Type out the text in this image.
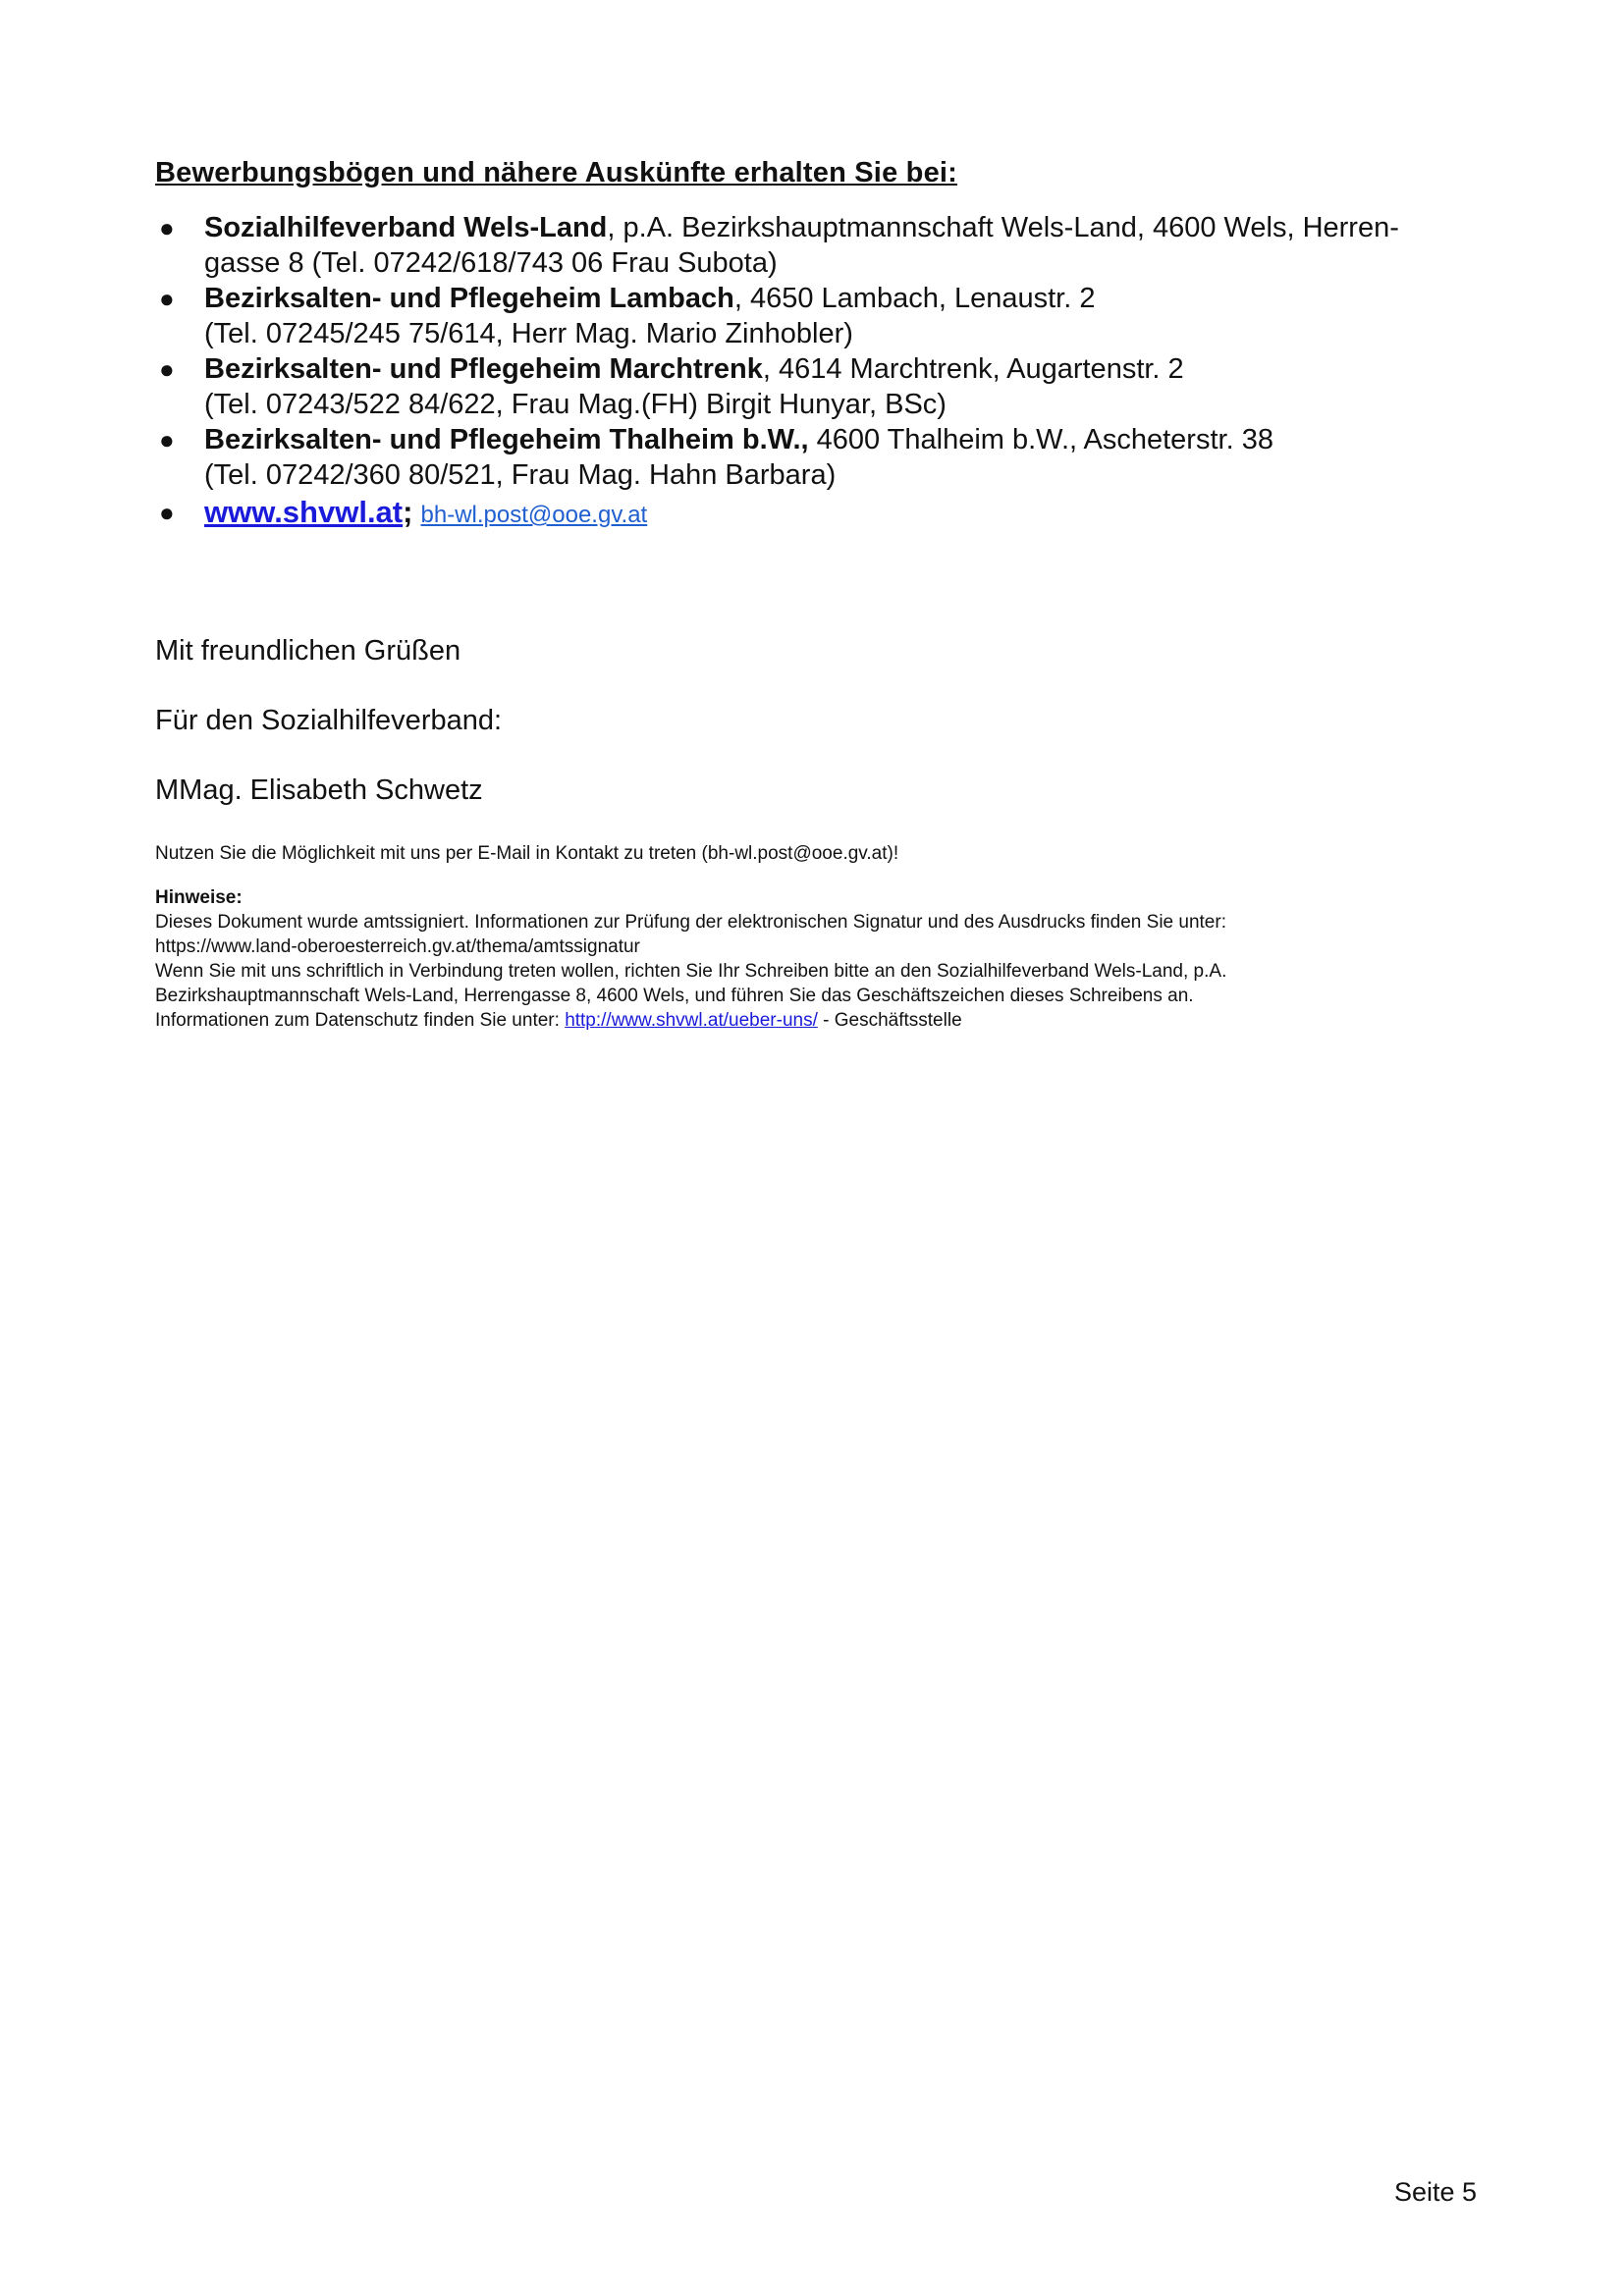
Bewerbungsbögen und nähere Auskünfte erhalten Sie bei:
● Sozialhilfeverband Wels-Land, p.A. Bezirkshauptmannschaft Wels-Land, 4600 Wels, Herren-
gasse 8 (Tel. 07242/618/743 06 Frau Subota)
● Bezirksalten- und Pflegeheim Lambach, 4650 Lambach, Lenaustr. 2
(Tel. 07245/245 75/614, Herr Mag. Mario Zinhobler)
● Bezirksalten- und Pflegeheim Marchtrenk, 4614 Marchtrenk, Augartenstr. 2
(Tel. 07243/522 84/622, Frau Mag.(FH) Birgit Hunyar, BSc)
● Bezirksalten- und Pflegeheim Thalheim b.W., 4600 Thalheim b.W., Ascheterstr. 38
(Tel. 07242/360 80/521, Frau Mag. Hahn Barbara)
● www.shvwl.at; bh-wl.post@ooe.gv.at

Mit freundlichen Grüßen

Für den Sozialhilfeverband:

MMag. Elisabeth Schwetz

Nutzen Sie die Möglichkeit mit uns per E-Mail in Kontakt zu treten (bh-wl.post@ooe.gv.at)!
Hinweise:
Dieses Dokument wurde amtssigniert. Informationen zur Prüfung der elektronischen Signatur und des Ausdrucks finden Sie unter:
https://www.land-oberoesterreich.gv.at/thema/amtssignatur
Wenn Sie mit uns schriftlich in Verbindung treten wollen, richten Sie Ihr Schreiben bitte an den Sozialhilfeverband Wels-Land, p.A.
Bezirkshauptmannschaft Wels-Land, Herrengasse 8, 4600 Wels, und führen Sie das Geschäftszeichen dieses Schreibens an.
Informationen zum Datenschutz finden Sie unter: http://www.shvwl.at/ueber-uns/ - Geschäftsstelle
Seite 5
